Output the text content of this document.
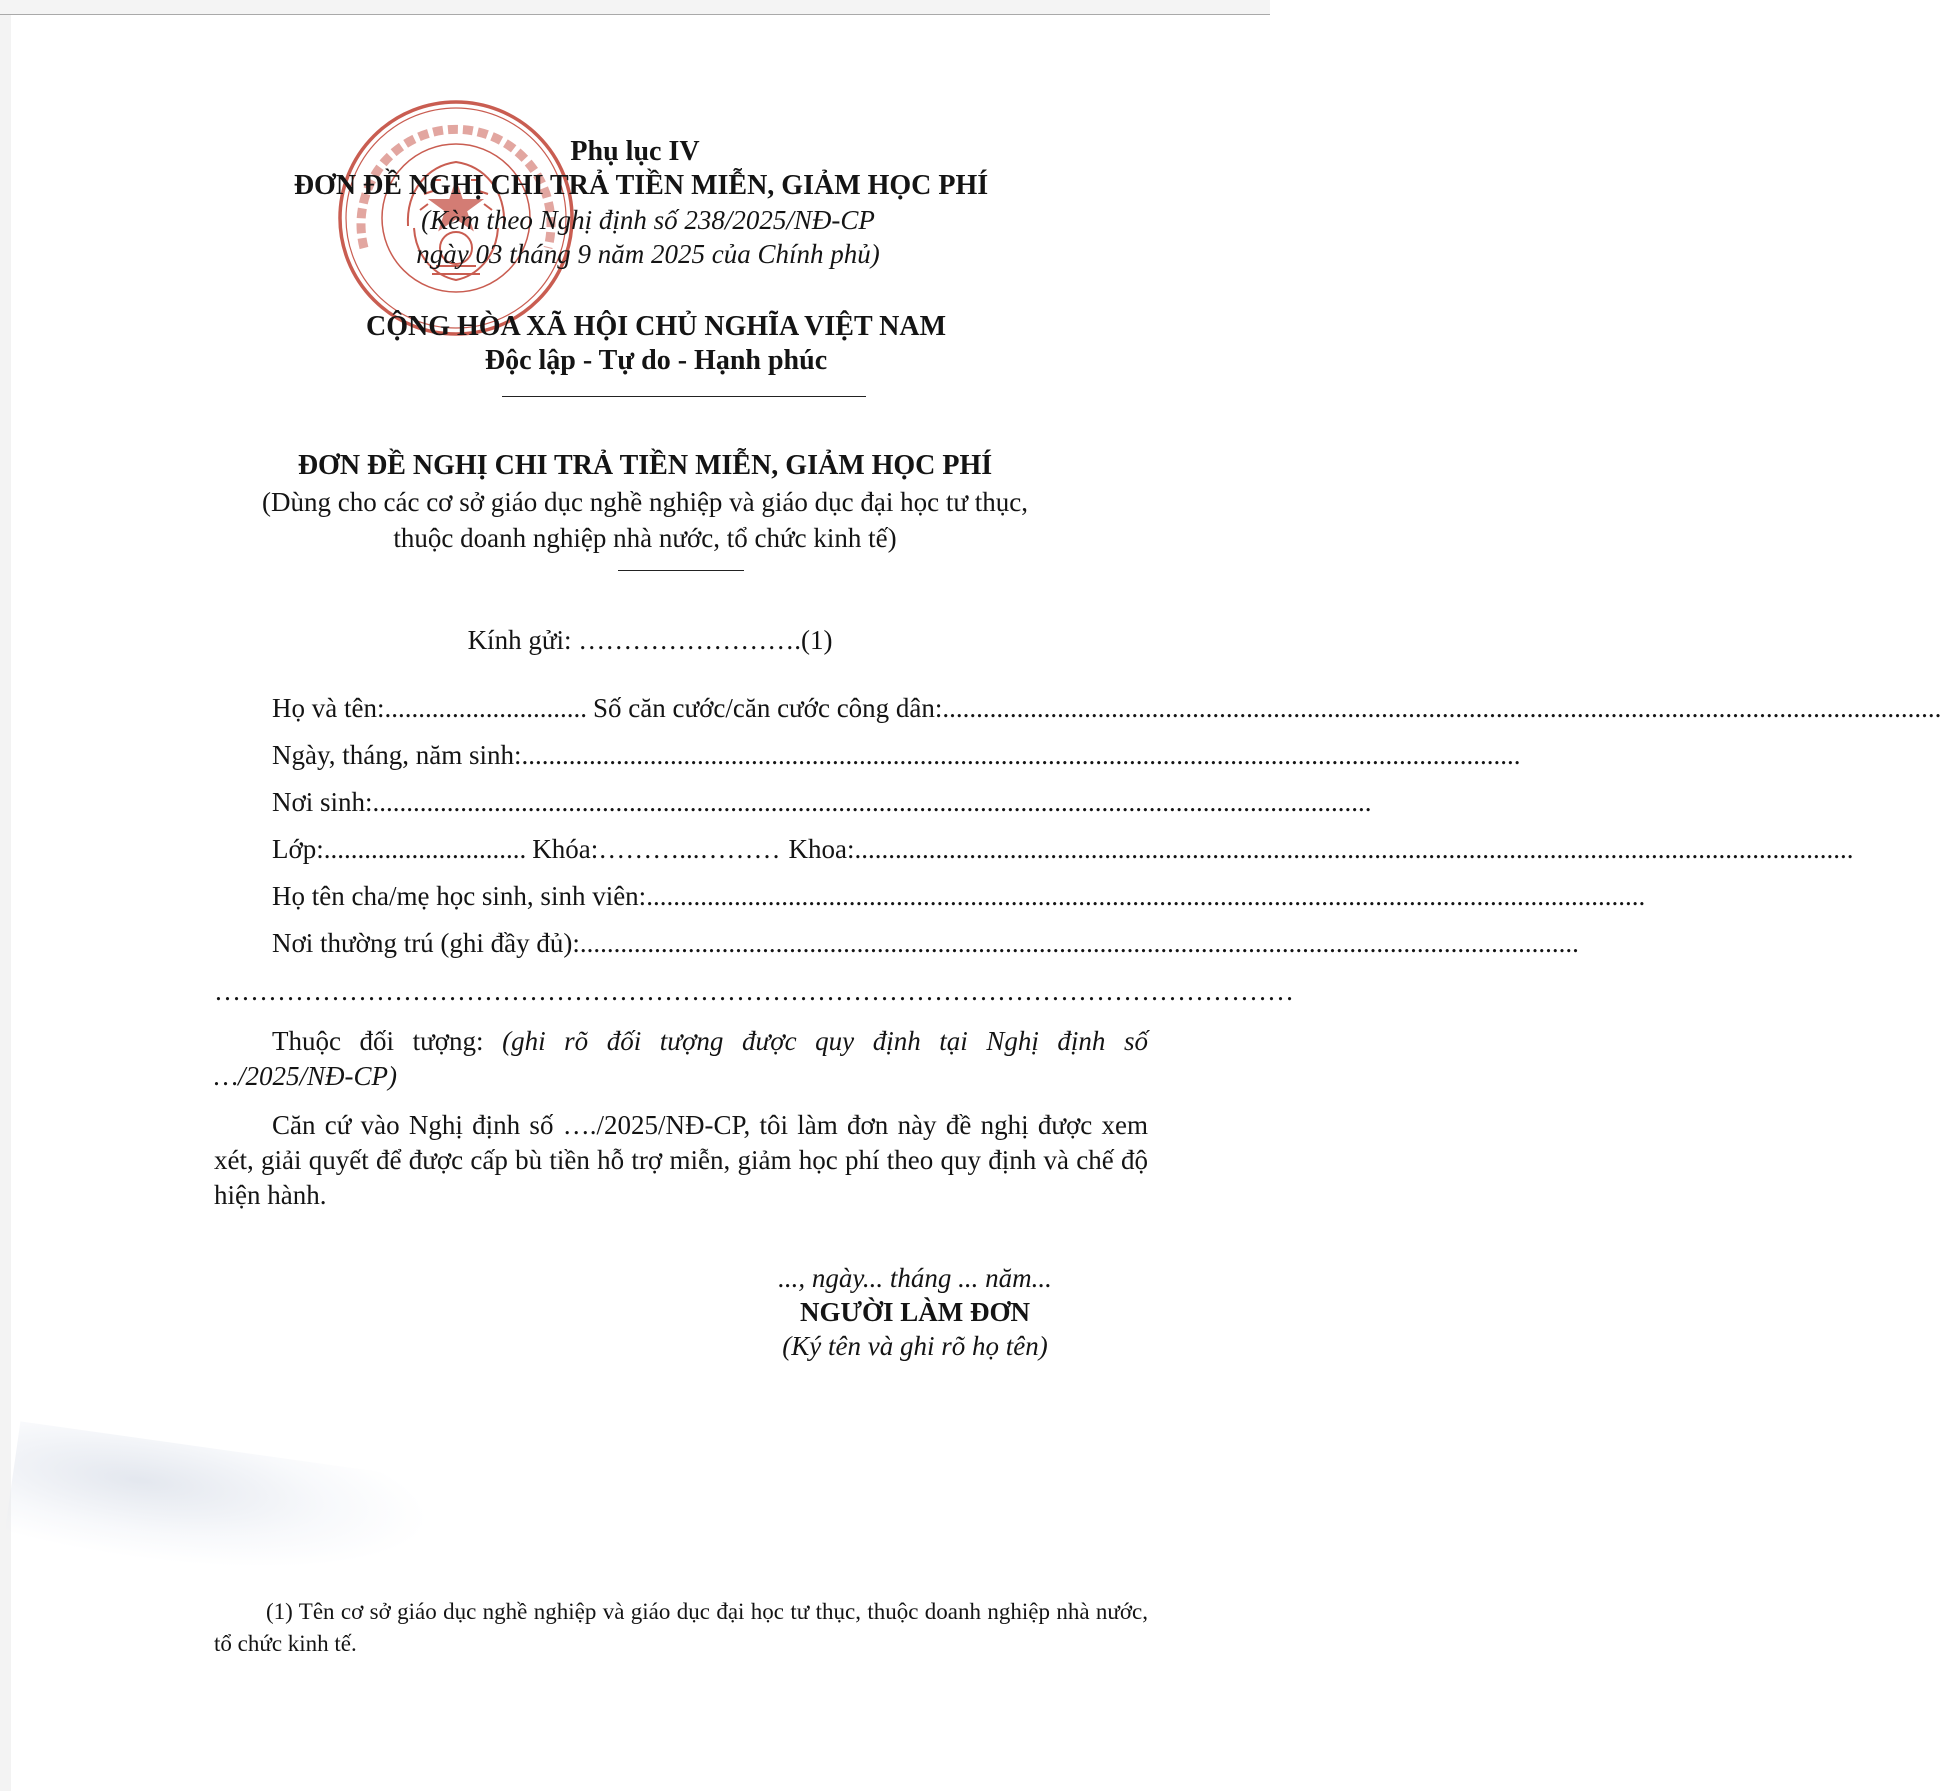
Phụ lục IV
ĐƠN ĐỀ NGHỊ CHI TRẢ TIỀN MIỄN, GIẢM HỌC PHÍ
(Kèm theo Nghị định số 238/2025/NĐ-CP
ngày 03 tháng 9 năm 2025 của Chính phủ)
CỘNG HÒA XÃ HỘI CHỦ NGHĨA VIỆT NAM
Độc lập - Tự do - Hạnh phúc
ĐƠN ĐỀ NGHỊ CHI TRẢ TIỀN MIỄN, GIẢM HỌC PHÍ
(Dùng cho các cơ sở giáo dục nghề nghiệp và giáo dục đại học tư thục,
thuộc doanh nghiệp nhà nước, tổ chức kinh tế)
Kính gửi: …………………….(1)
Họ và tên: .............................. Số căn cước/căn cước công dân: ....................................................................................................................................................
Ngày, tháng, năm sinh: ....................................................................................................................................................
Nơi sinh: ....................................................................................................................................................
Lớp: .............................. Khóa: ………...……… Khoa: ....................................................................................................................................................
Họ tên cha/mẹ học sinh, sinh viên: ....................................................................................................................................................
Nơi thường trú (ghi đầy đủ): ....................................................................................................................................................
…………………………………………………………………………………………………………
Thuộc đối tượng: (ghi rõ đối tượng được quy định tại Nghị định số …/2025/NĐ-CP)
Căn cứ vào Nghị định số …./2025/NĐ-CP, tôi làm đơn này đề nghị được xem xét, giải quyết để được cấp bù tiền hỗ trợ miễn, giảm học phí theo quy định và chế độ hiện hành.
..., ngày... tháng ... năm...
NGƯỜI LÀM ĐƠN
(Ký tên và ghi rõ họ tên)
(1) Tên cơ sở giáo dục nghề nghiệp và giáo dục đại học tư thục, thuộc doanh nghiệp nhà nước, tổ chức kinh tế.
